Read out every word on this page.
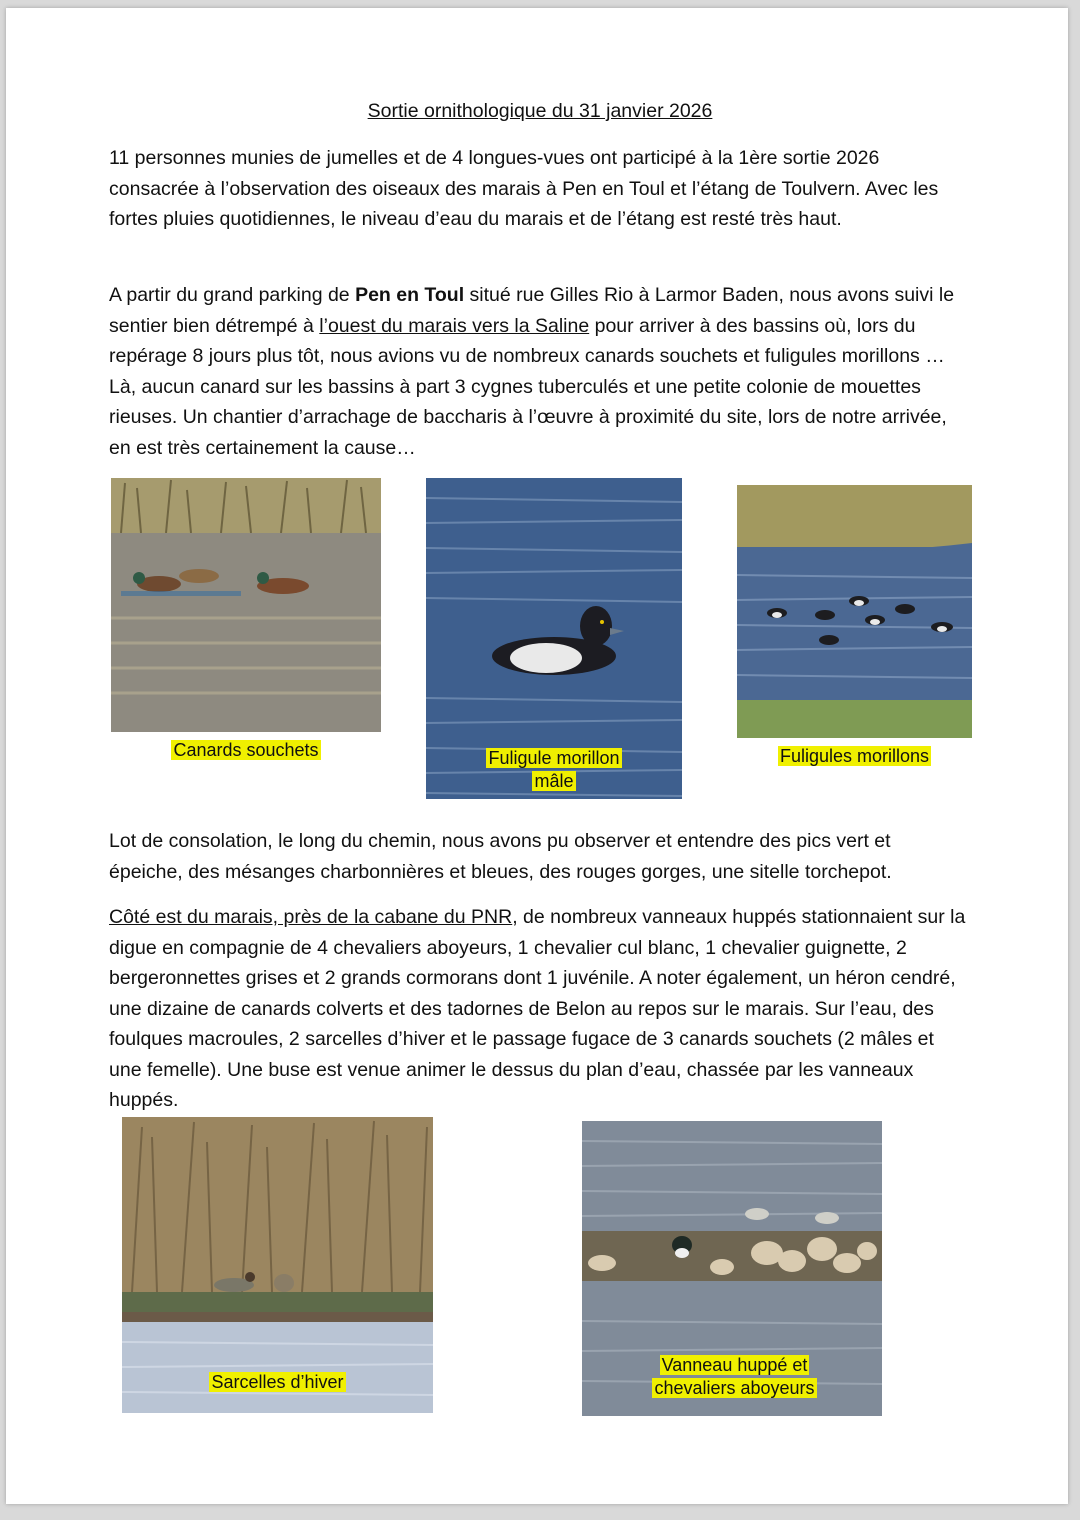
Sortie ornithologique du 31 janvier 2026

11 personnes munies de jumelles et de 4 longues-vues ont participé à la 1ère sortie 2026 consacrée à l’observation des oiseaux des marais à Pen en Toul et l’étang de Toulvern. Avec les fortes pluies quotidiennes, le niveau d’eau du marais et de l’étang est resté très haut.

A partir du grand parking de Pen en Toul situé rue Gilles Rio à Larmor Baden, nous avons suivi le sentier bien détrempé à l’ouest du marais vers la Saline pour arriver à des bassins où, lors du repérage 8 jours plus tôt, nous avions vu de nombreux canards souchets et fuligules morillons … Là, aucun canard sur les bassins à part 3 cygnes tuberculés et une petite colonie de mouettes rieuses. Un chantier d’arrachage de baccharis à l’œuvre à proximité du site, lors de notre arrivée, en est très certainement la cause…

Canards souchets	Fuligule morillon
mâle
Fuligules morillons

Lot de consolation, le long du chemin, nous avons pu observer et entendre des pics vert et épeiche, des mésanges charbonnières et bleues, des rouges gorges, une sitelle torchepot.

Côté est du marais, près de la cabane du PNR, de nombreux vanneaux huppés stationnaient sur la digue en compagnie de 4 chevaliers aboyeurs, 1 chevalier cul blanc, 1 chevalier guignette, 2 bergeronnettes grises et 2 grands cormorans dont 1 juvénile. A noter également, un héron cendré, une dizaine de canards colverts et des tadornes de Belon au repos sur le marais. Sur l’eau, des foulques macroules, 2 sarcelles d’hiver et le passage fugace de 3 canards souchets (2 mâles et une femelle). Une buse est venue animer le dessus du plan d’eau, chassée par les vanneaux huppés.

Sarcelles d’hiver
Vanneau huppé et
chevaliers aboyeurs
